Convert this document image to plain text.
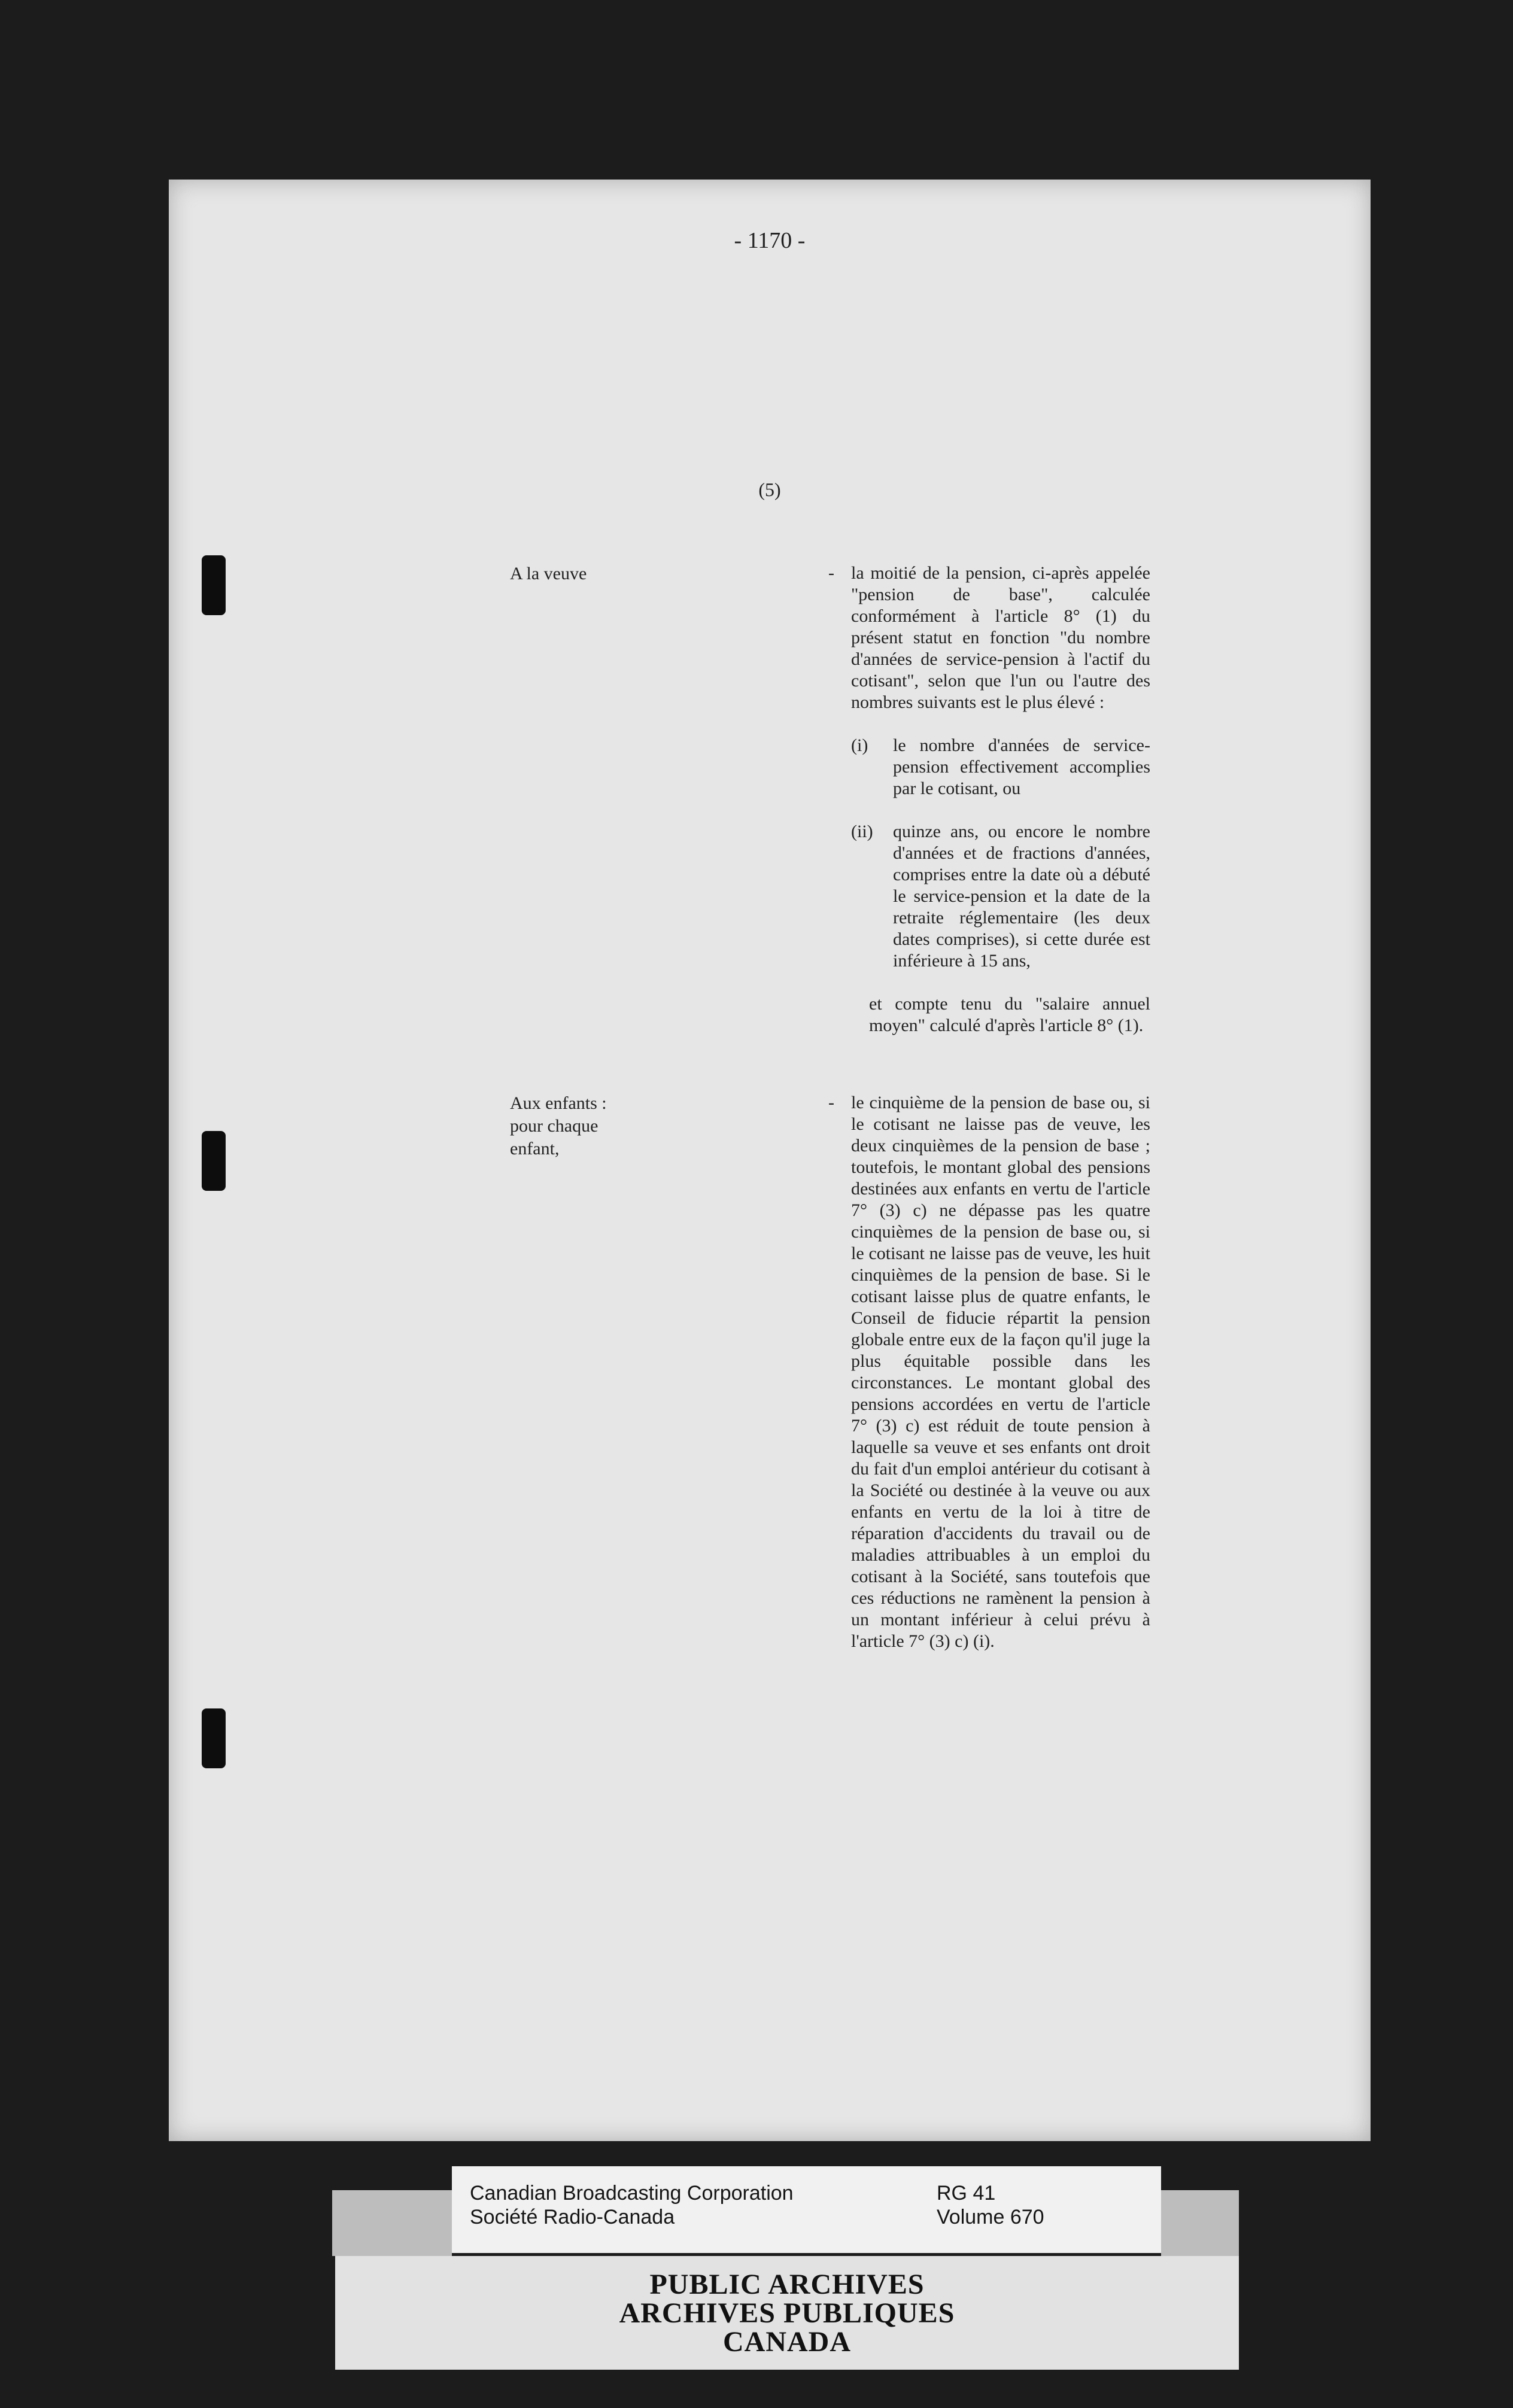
- 1170 -
(5)
A la veuve	- la moitié de la pension, ci-après appelée "pension de base", calculée conformément à l'article 8° (1) du présent statut en fonction "du nombre d'années de service-pension à l'actif du cotisant", selon que l'un ou l'autre des nombres suivants est le plus élevé :
(i) le nombre d'années de service-pension effectivement accomplies par le cotisant, ou
(ii) quinze ans, ou encore le nombre d'années et de fractions d'années, comprises entre la date où a débuté le service-pension et la date de la retraite réglementaire (les deux dates comprises), si cette durée est inférieure à 15 ans,
et compte tenu du "salaire annuel moyen" calculé d'après l'article 8° (1).
Aux enfants :
pour chaque
enfant,
- le cinquième de la pension de base ou, si le cotisant ne laisse pas de veuve, les deux cinquièmes de la pension de base ; toutefois, le montant global des pensions destinées aux enfants en vertu de l'article 7° (3) c) ne dépasse pas les quatre cinquièmes de la pension de base ou, si le cotisant ne laisse pas de veuve, les huit cinquièmes de la pension de base. Si le cotisant laisse plus de quatre enfants, le Conseil de fiducie répartit la pension globale entre eux de la façon qu'il juge la plus équitable possible dans les circonstances. Le montant global des pensions accordées en vertu de l'article 7° (3) c) est réduit de toute pension à laquelle sa veuve et ses enfants ont droit du fait d'un emploi antérieur du cotisant à la Société ou destinée à la veuve ou aux enfants en vertu de la loi à titre de réparation d'accidents du travail ou de maladies attribuables à un emploi du cotisant à la Société, sans toutefois que ces réductions ne ramènent la pension à un montant inférieur à celui prévu à l'article 7° (3) c) (i).
Canadian Broadcasting Corporation
Société Radio-Canada
RG 41
Volume 670
PUBLIC ARCHIVES
ARCHIVES PUBLIQUES
CANADA
